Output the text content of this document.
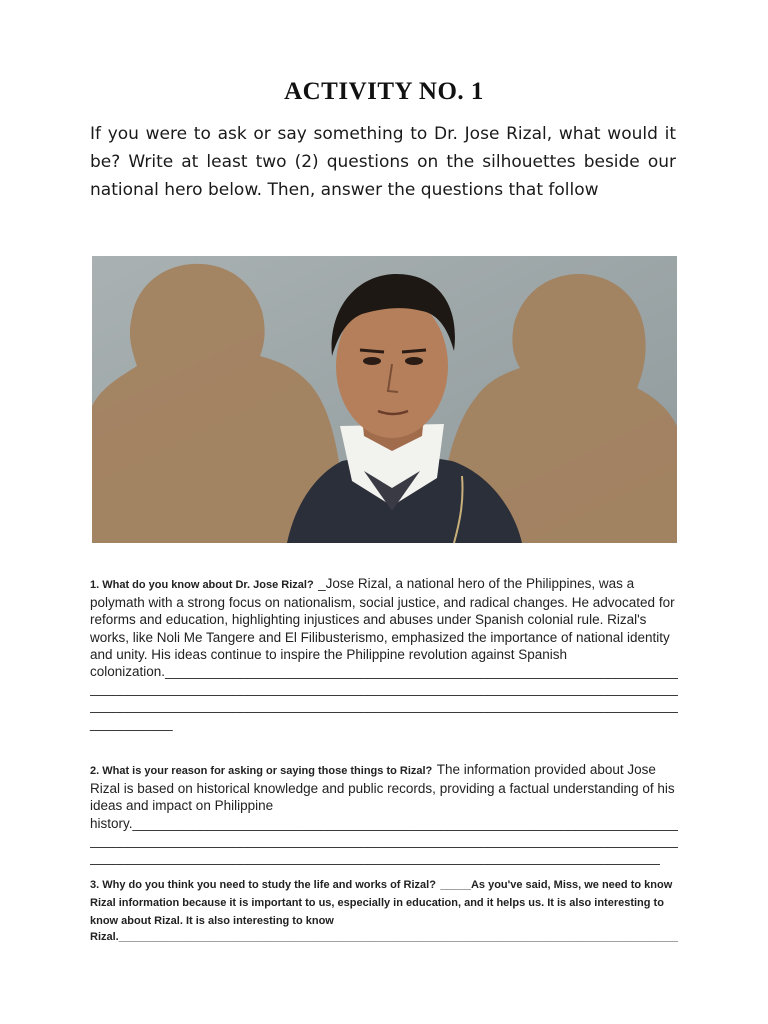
ACTIVITY NO. 1

If you were to ask or say something to Dr. Jose Rizal, what would it be? Write at least two (2) questions on the silhouettes beside our national hero below. Then, answer the questions that follow

1. What do you know about Dr. Jose Rizal? _Jose Rizal, a national hero of the Philippines, was a polymath with a strong focus on nationalism, social justice, and radical changes. He advocated for reforms and education, highlighting injustices and abuses under Spanish colonial rule. Rizal's works, like Noli Me Tangere and El Filibusterismo, emphasized the importance of national identity and unity. His ideas continue to inspire the Philippine revolution against Spanish
colonization. _____
_____
_____
___________
2. What is your reason for asking or saying those things to Rizal? The information provided about Jose Rizal is based on historical knowledge and public records, providing a factual understanding of his ideas and impact on Philippine
history. _____
_____
_____
3. Why do you think you need to study the life and works of Rizal? _____As you've said, Miss, we need to know Rizal information because it is important to us, especially in education, and it helps us. It is also interesting to know about Rizal. It is also interesting to know
Rizal. _____
